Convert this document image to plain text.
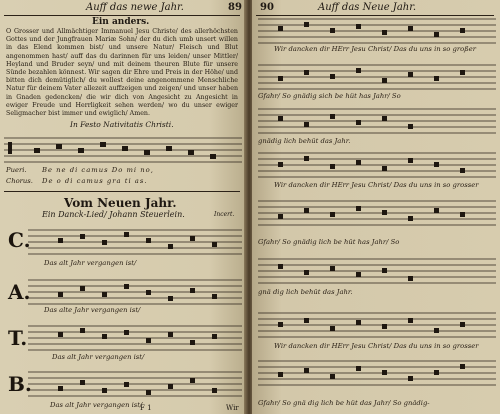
Auff das newe Jahr.	89
Ein anders.
O Grosser und Allmächtiger Immanuel Jesu Christe/ des allerhöchsten Gottes und der Jungfrauen Mariæ Sohn/ der du dich umb unsert willen in das Elend kommen bist/ und unsere Natur/ Fleisch und Blut angenommen hast/ auff das du darinnen für uns leiden/ unser Mittler/ Heyland und Bruder seyn/ und mit deinem theuren Blute für unsere Sünde bezahlen könnest. Wir sagen dir Ehre und Preis in der Höhe/ und bitten dich demütiglich/ du wollest deine angenommene Menschliche Natur für deinem Vater allezeit auffzeigen und zeigen/ und unser haben in Gnaden gedencken/ die wir dich von Angesicht zu Angesicht in ewiger Freude und Herrligkeit sehen werden/ wo du unser ewiger Seligmacher bist immer und ewiglich/ Amen.
In Festo Nativitatis Christi.
Pueri. Be ne di camus Do mi no,
Chorus. De o di camus gra ti as.
Vom Neuen Jahr.
Ein Danck-Lied/ Johann Steuerlein.	Incert.
C.
Das alt Jahr vergangen ist/
A.
Das alte Jahr vergangen ist/
T.
Das alt Jahr vergangen ist/
B.
Das alt Jahr vergangen ist/
F 1	Wir
90	Auff das Neue Jahr.
Wir dancken dir HErr Jesu Christ/ Das du uns in so großer
Gfahr/ So gnädig sich be hüt has Jahr/ So
gnädig lich behüt das Jahr.
Wir dancken dir HErr Jesu Christ/ Das du uns in so grosser
Gfahr/ So gnädig lich be hüt has Jahr/ So
gnä dig lich behüt das Jahr.
Wir dancken dir HErr Jesu Christ/ Das du uns in so grosser
Gfahr/ So gnä dig lich be hüt das Jahr/ So gnädig-
